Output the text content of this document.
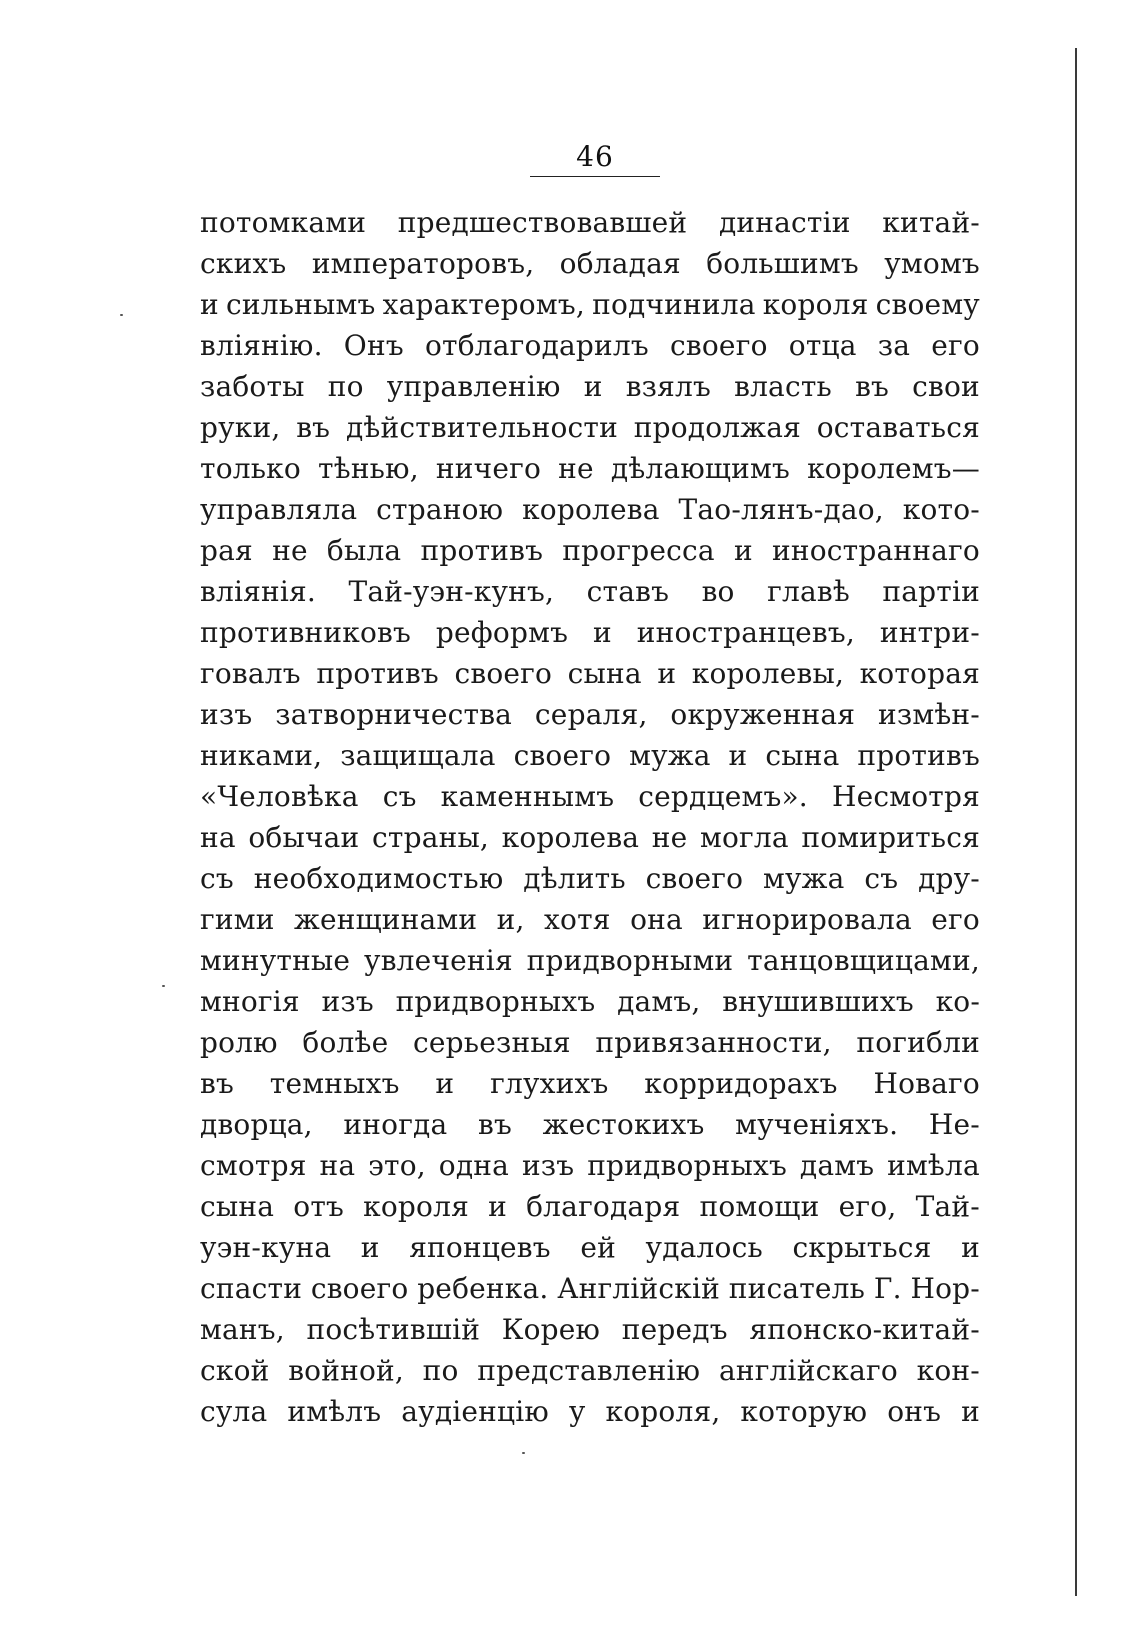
46
потомками предшествовавшей династіи китай-
скихъ императоровъ, обладая большимъ умомъ
и сильнымъ характеромъ, подчинила короля своему
вліянію. Онъ отблагодарилъ своего отца за его
заботы по управленію и взялъ власть въ свои
руки, въ дѣйствительности продолжая оставаться
только тѣнью, ничего не дѣлающимъ королемъ—
управляла страною королева Тао-лянъ-дао, кото-
рая не была противъ прогресса и иностраннаго
вліянія. Тай-уэн-кунъ, ставъ во главѣ партіи
противниковъ реформъ и иностранцевъ, интри-
говалъ противъ своего сына и королевы, которая
изъ затворничества сераля, окруженная измѣн-
никами, защищала своего мужа и сына противъ
«Человѣка съ каменнымъ сердцемъ». Несмотря
на обычаи страны, королева не могла помириться
съ необходимостью дѣлить своего мужа съ дру-
гими женщинами и, хотя она игнорировала его
минутные увлеченія придворными танцовщицами,
многія изъ придворныхъ дамъ, внушившихъ ко-
ролю болѣе серьезныя привязанности, погибли
въ темныхъ и глухихъ корридорахъ Новаго
дворца, иногда въ жестокихъ мученіяхъ. Не-
смотря на это, одна изъ придворныхъ дамъ имѣла
сына отъ короля и благодаря помощи его, Тай-
уэн-куна и японцевъ ей удалось скрыться и
спасти своего ребенка. Англійскій писатель Г. Нор-
манъ, посѣтившій Корею передъ японско-китай-
ской войной, по представленію англійскаго кон-
сула имѣлъ аудіенцію у короля, которую онъ и
